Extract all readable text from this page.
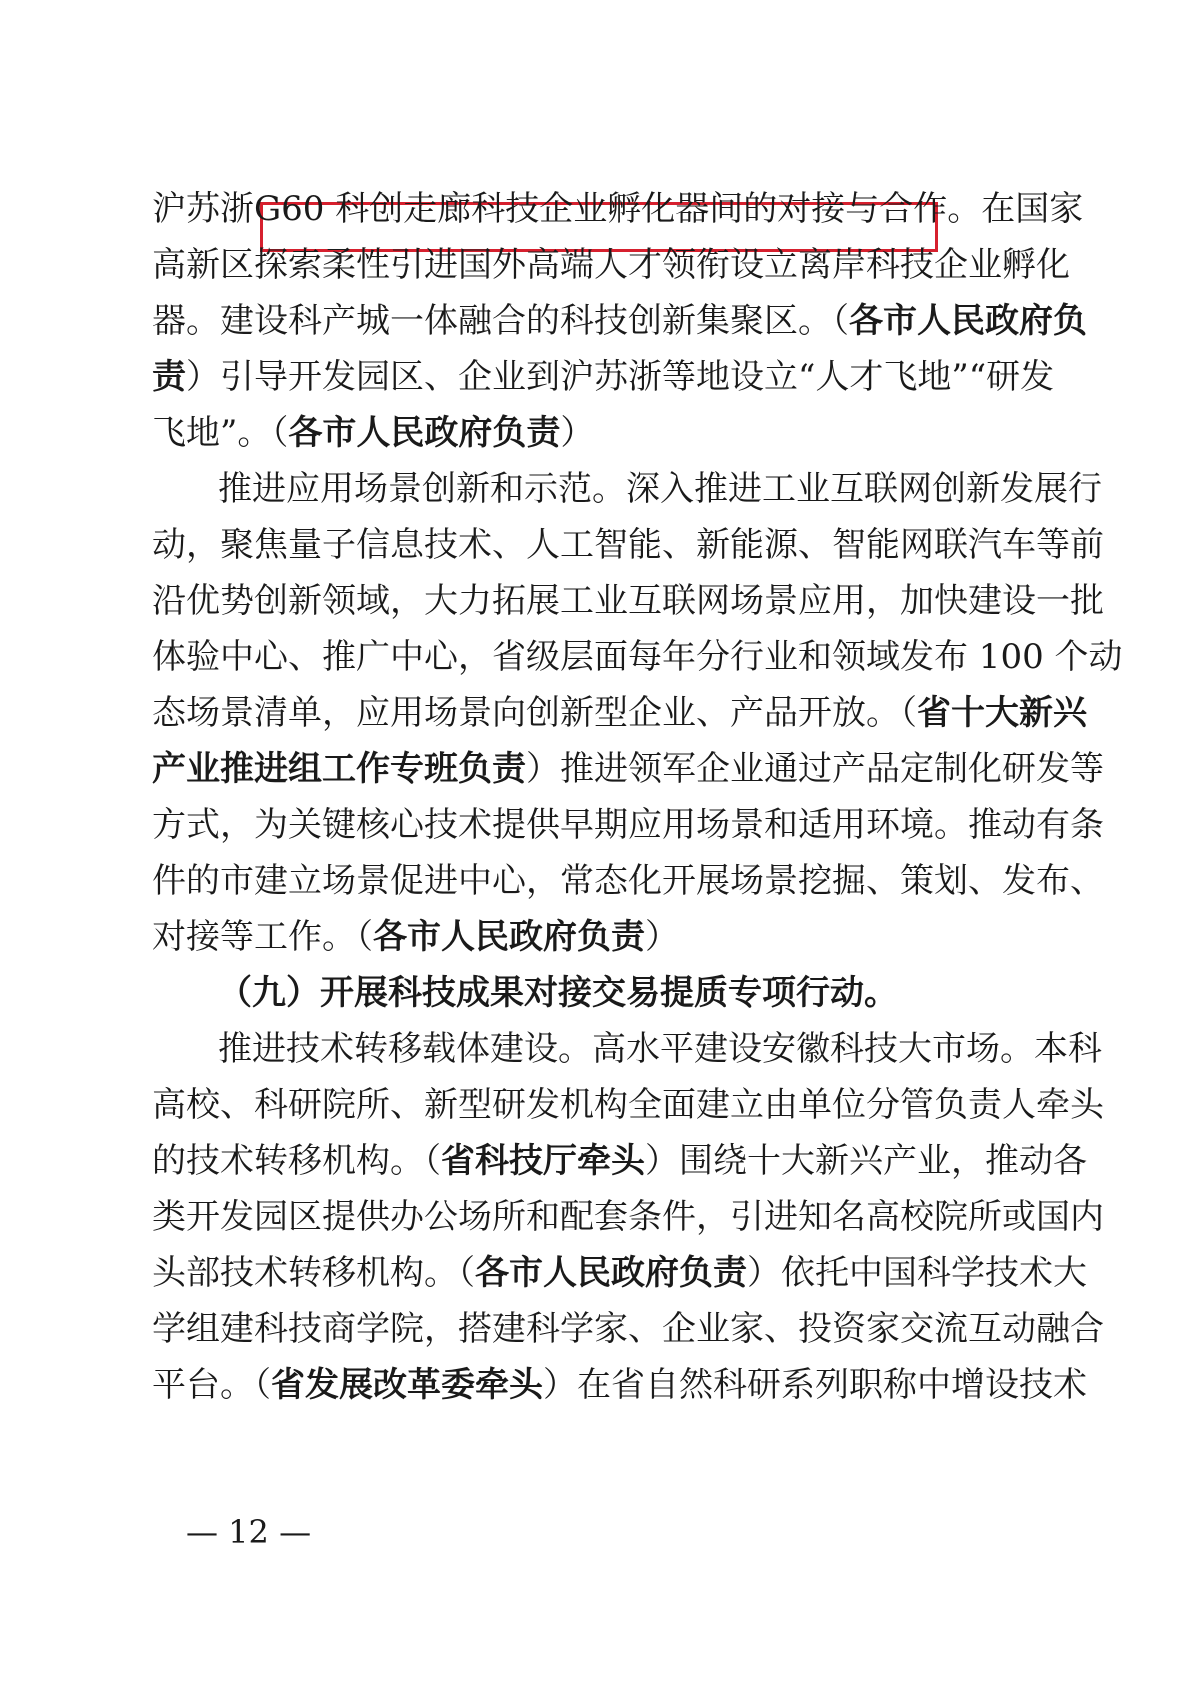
沪苏浙G60 科创走廊科技企业孵化器间的对接与合作。在国家
高新区探索柔性引进国外高端人才领衔设立离岸科技企业孵化
器。建设科产城一体融合的科技创新集聚区。（各市人民政府负
责）引导开发园区、企业到沪苏浙等地设立“人才飞地”“研发
飞地”。（各市人民政府负责）
推进应用场景创新和示范。深入推进工业互联网创新发展行
动，聚焦量子信息技术、人工智能、新能源、智能网联汽车等前
沿优势创新领域，大力拓展工业互联网场景应用，加快建设一批
体验中心、推广中心，省级层面每年分行业和领域发布 100 个动
态场景清单，应用场景向创新型企业、产品开放。（省十大新兴
产业推进组工作专班负责）推进领军企业通过产品定制化研发等
方式，为关键核心技术提供早期应用场景和适用环境。推动有条
件的市建立场景促进中心，常态化开展场景挖掘、策划、发布、
对接等工作。（各市人民政府负责）
（九）开展科技成果对接交易提质专项行动。
推进技术转移载体建设。高水平建设安徽科技大市场。本科
高校、科研院所、新型研发机构全面建立由单位分管负责人牵头
的技术转移机构。（省科技厅牵头）围绕十大新兴产业，推动各
类开发园区提供办公场所和配套条件，引进知名高校院所或国内
头部技术转移机构。（各市人民政府负责）依托中国科学技术大
学组建科技商学院，搭建科学家、企业家、投资家交流互动融合
平台。（省发展改革委牵头）在省自然科研系列职称中增设技术
— 12 —
